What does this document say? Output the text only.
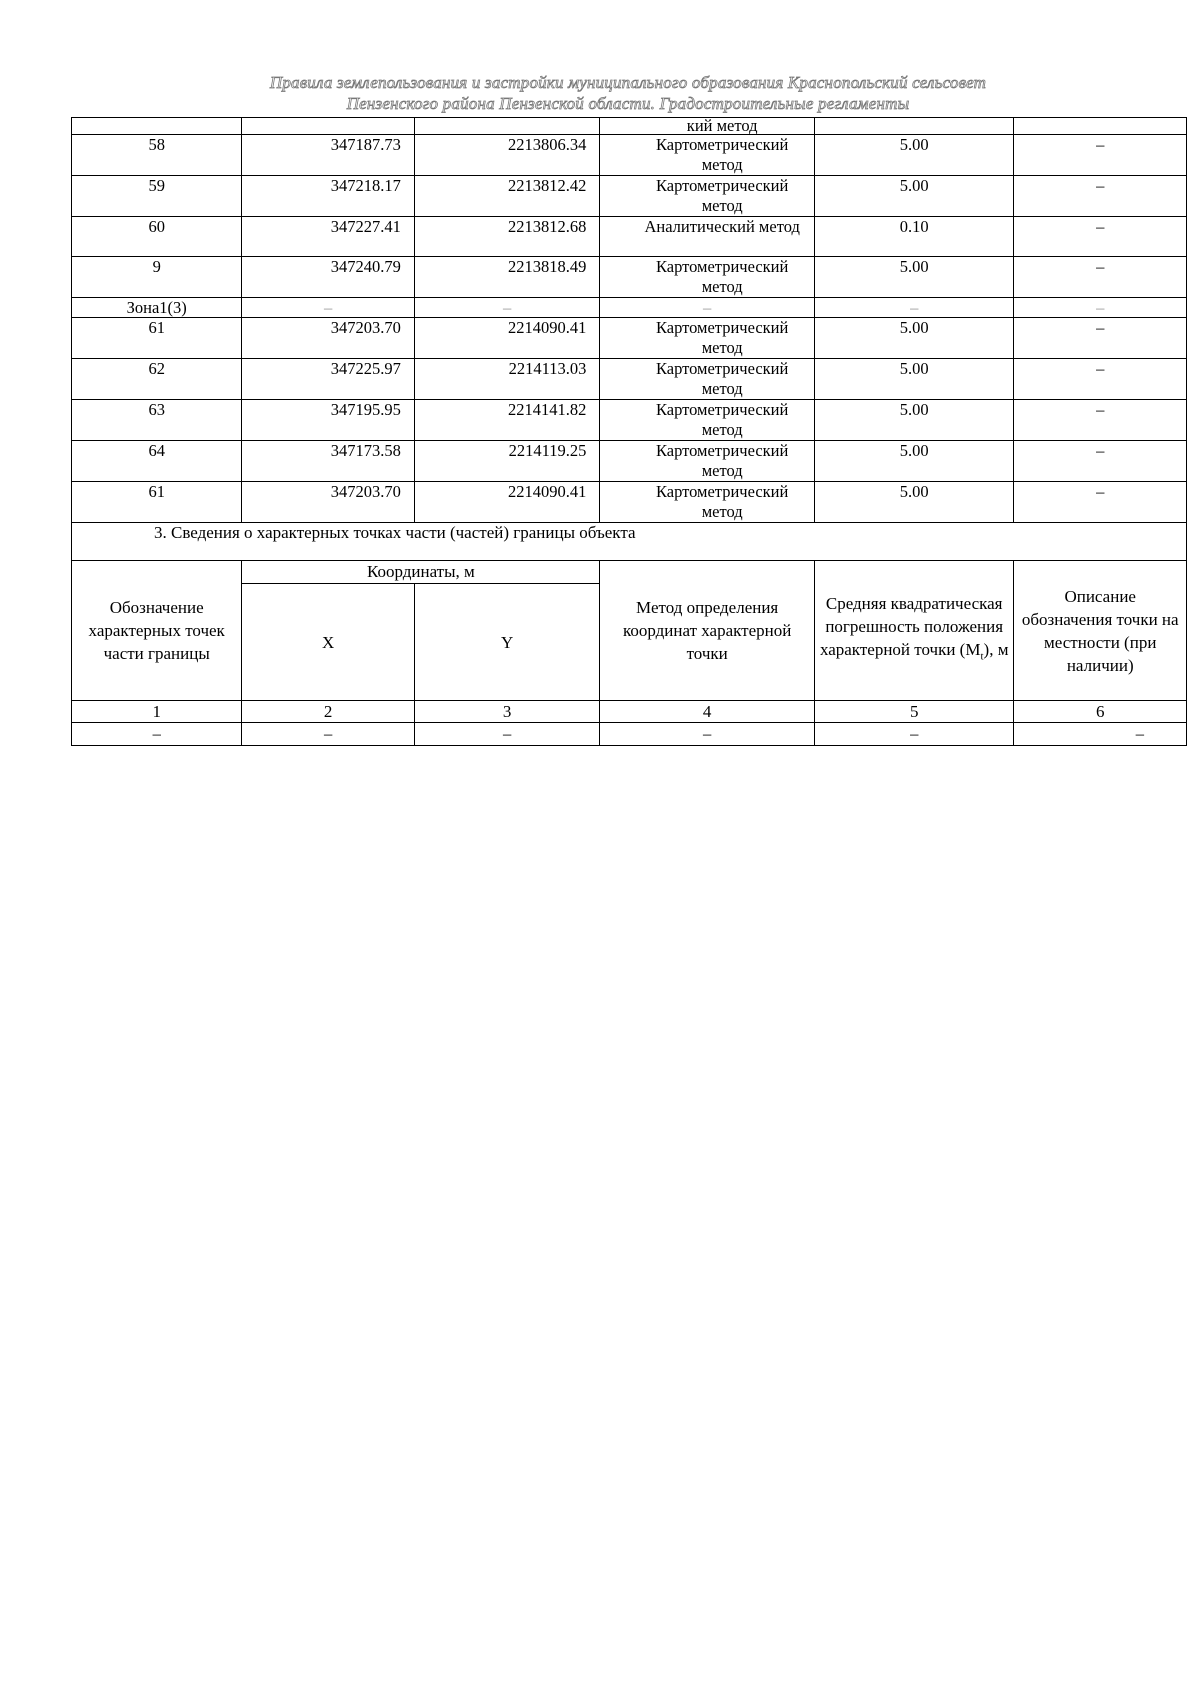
Правила землепользования и застройки муниципального образования Краснопольский сельсовет
Пензенского района Пензенской области. Градостроительные регламенты
			кий метод		
58	347187.73	2213806.34	Картометрический метод	5.00	–
59	347218.17	2213812.42	Картометрический метод	5.00	–
60	347227.41	2213812.68	Аналитический метод	0.10	–
9	347240.79	2213818.49	Картометрический метод	5.00	–
Зона1(3)	–	–	–	–	–
61	347203.70	2214090.41	Картометрический метод	5.00	–
62	347225.97	2214113.03	Картометрический метод	5.00	–
63	347195.95	2214141.82	Картометрический метод	5.00	–
64	347173.58	2214119.25	Картометрический метод	5.00	–
61	347203.70	2214090.41	Картометрический метод	5.00	–
3. Сведения о характерных точках части (частей) границы объекта					
Обозначение характерных точек части границы	Координаты, м		Метод определения координат характерной точки	Средняя квадратическая погрешность положения характерной точки $(M_t)$, м	Описание обозначения точки на местности (при наличии)
	X	Y			
1	2	3	4	5	6
–	–	–	–	–	–
